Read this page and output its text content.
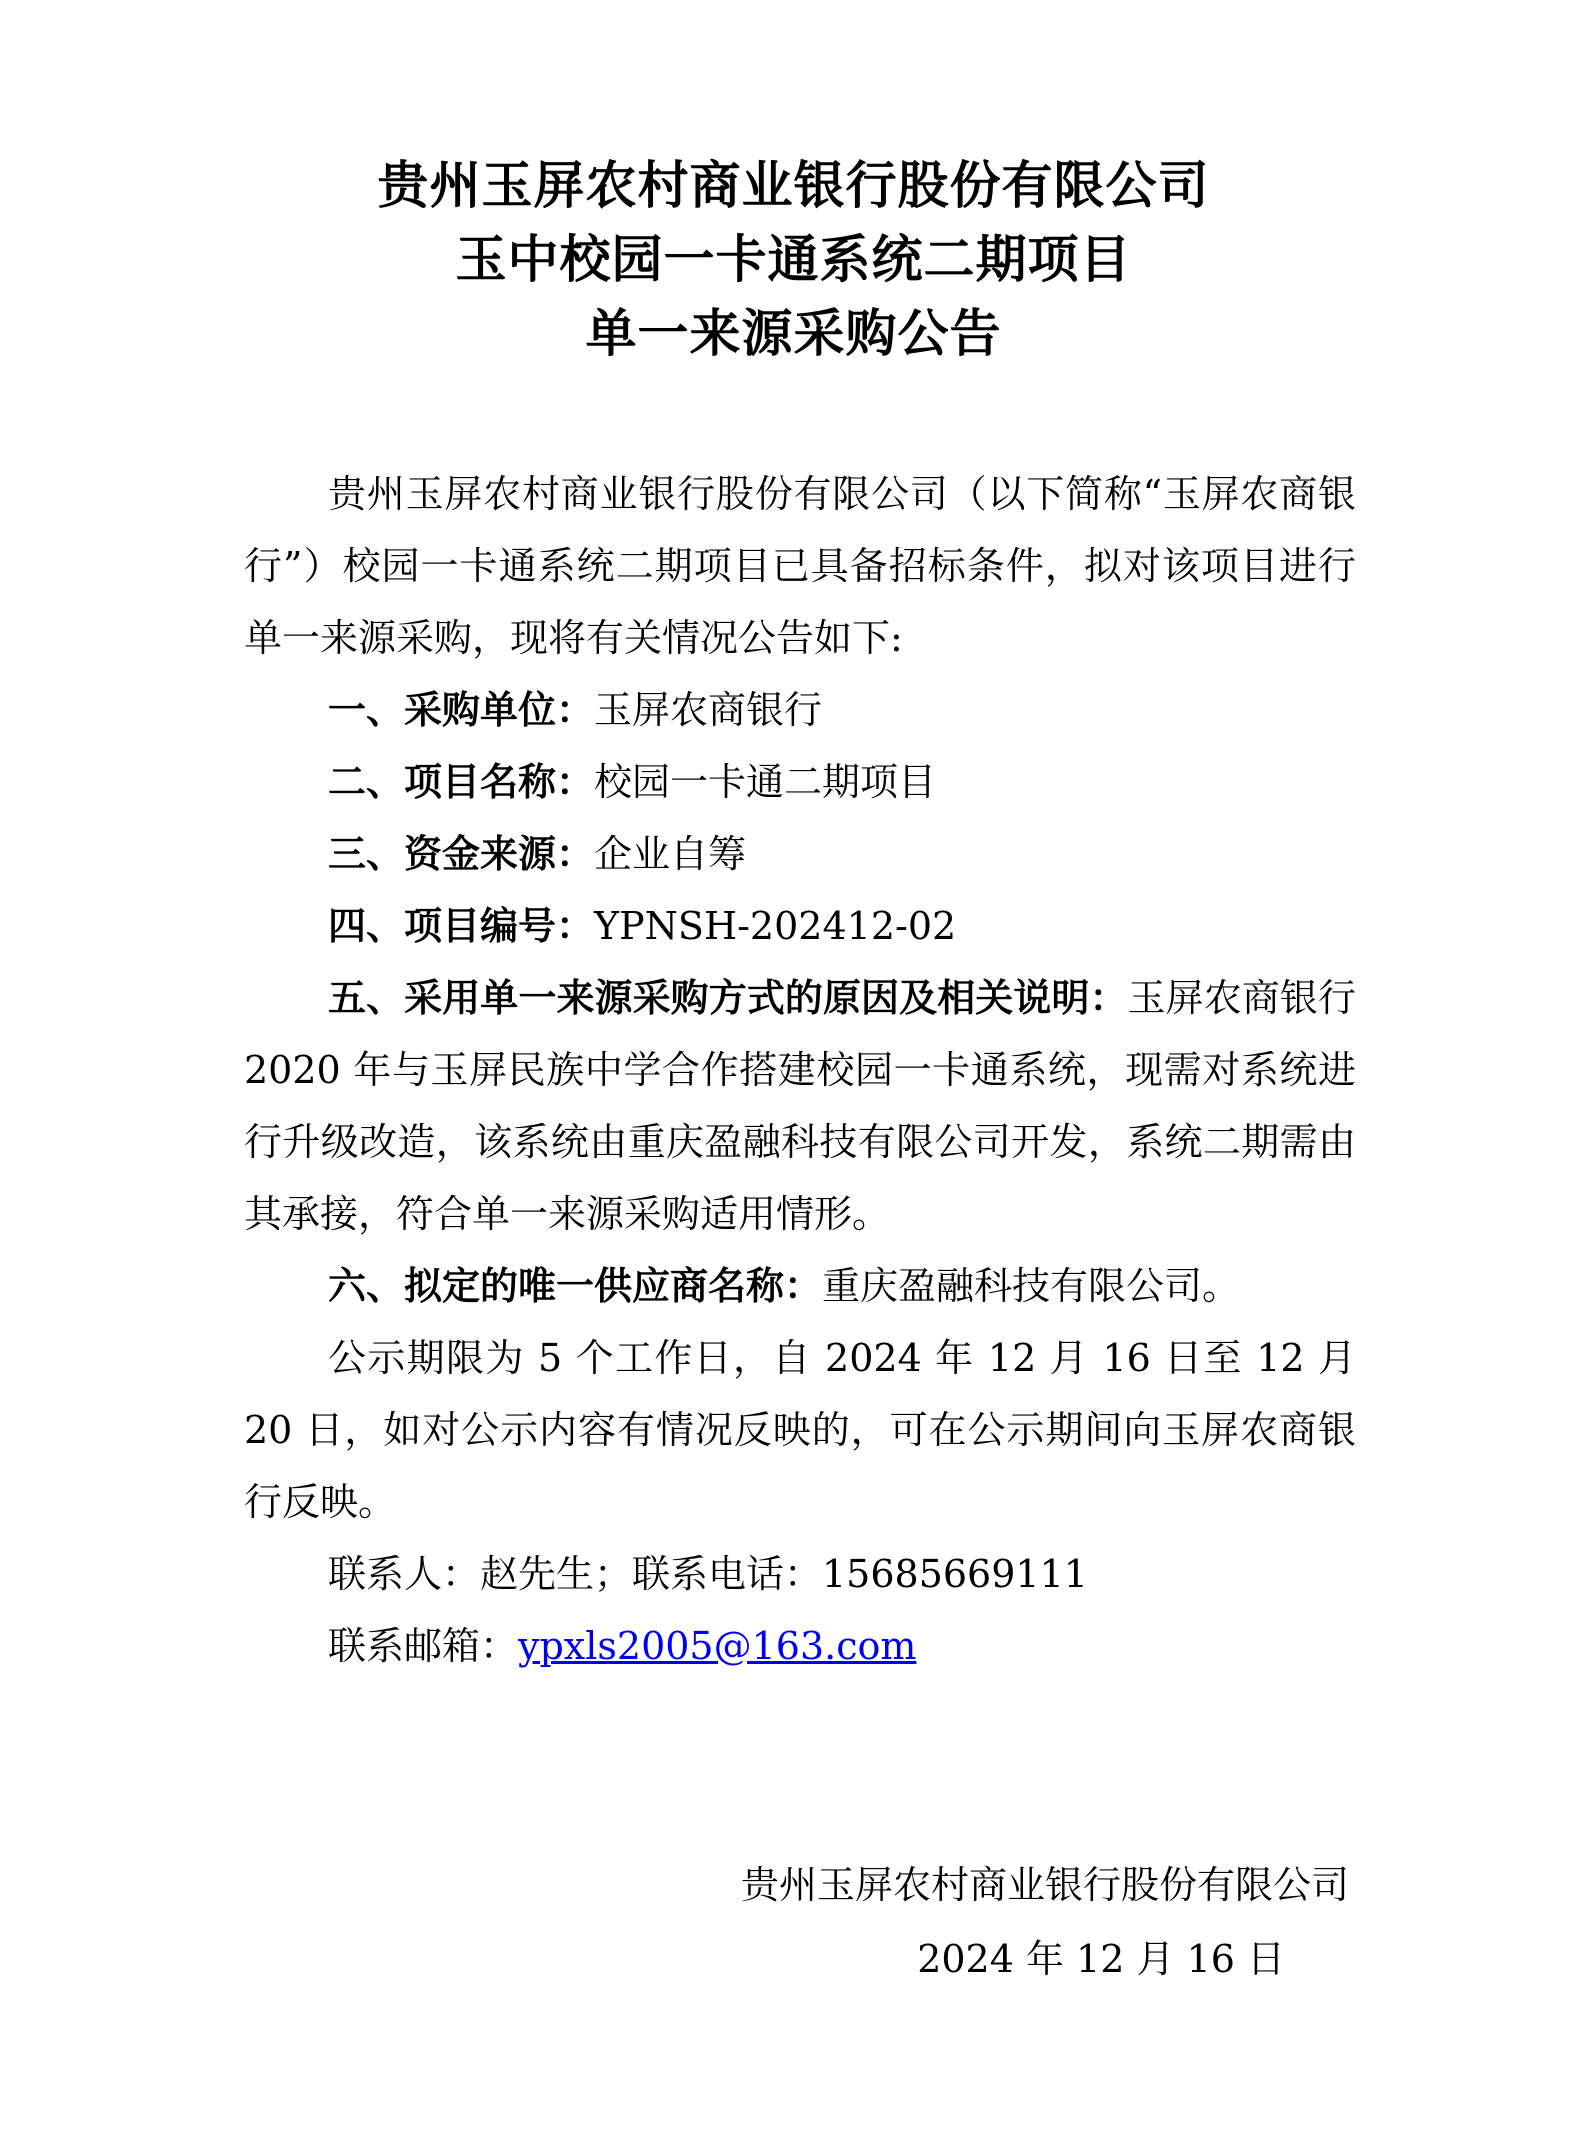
贵州玉屏农村商业银行股份有限公司
玉中校园一卡通系统二期项目
单一来源采购公告

贵州玉屏农村商业银行股份有限公司（以下简称“玉屏农商银行”）校园一卡通系统二期项目已具备招标条件，拟对该项目进行单一来源采购，现将有关情况公告如下:

一、采购单位：玉屏农商银行

二、项目名称：校园一卡通二期项目

三、资金来源：企业自筹

四、项目编号：YPNSH-202412-02

五、采用单一来源采购方式的原因及相关说明：玉屏农商银行 2020 年与玉屏民族中学合作搭建校园一卡通系统，现需对系统进行升级改造，该系统由重庆盈融科技有限公司开发，系统二期需由其承接，符合单一来源采购适用情形。

六、拟定的唯一供应商名称：重庆盈融科技有限公司。

公示期限为 5 个工作日，自 2024 年 12 月 16 日至 12 月 20 日，如对公示内容有情况反映的，可在公示期间向玉屏农商银行反映。

联系人：赵先生；联系电话：15685669111

联系邮箱：ypxls2005@163.com

贵州玉屏农村商业银行股份有限公司
2024 年 12 月 16 日
